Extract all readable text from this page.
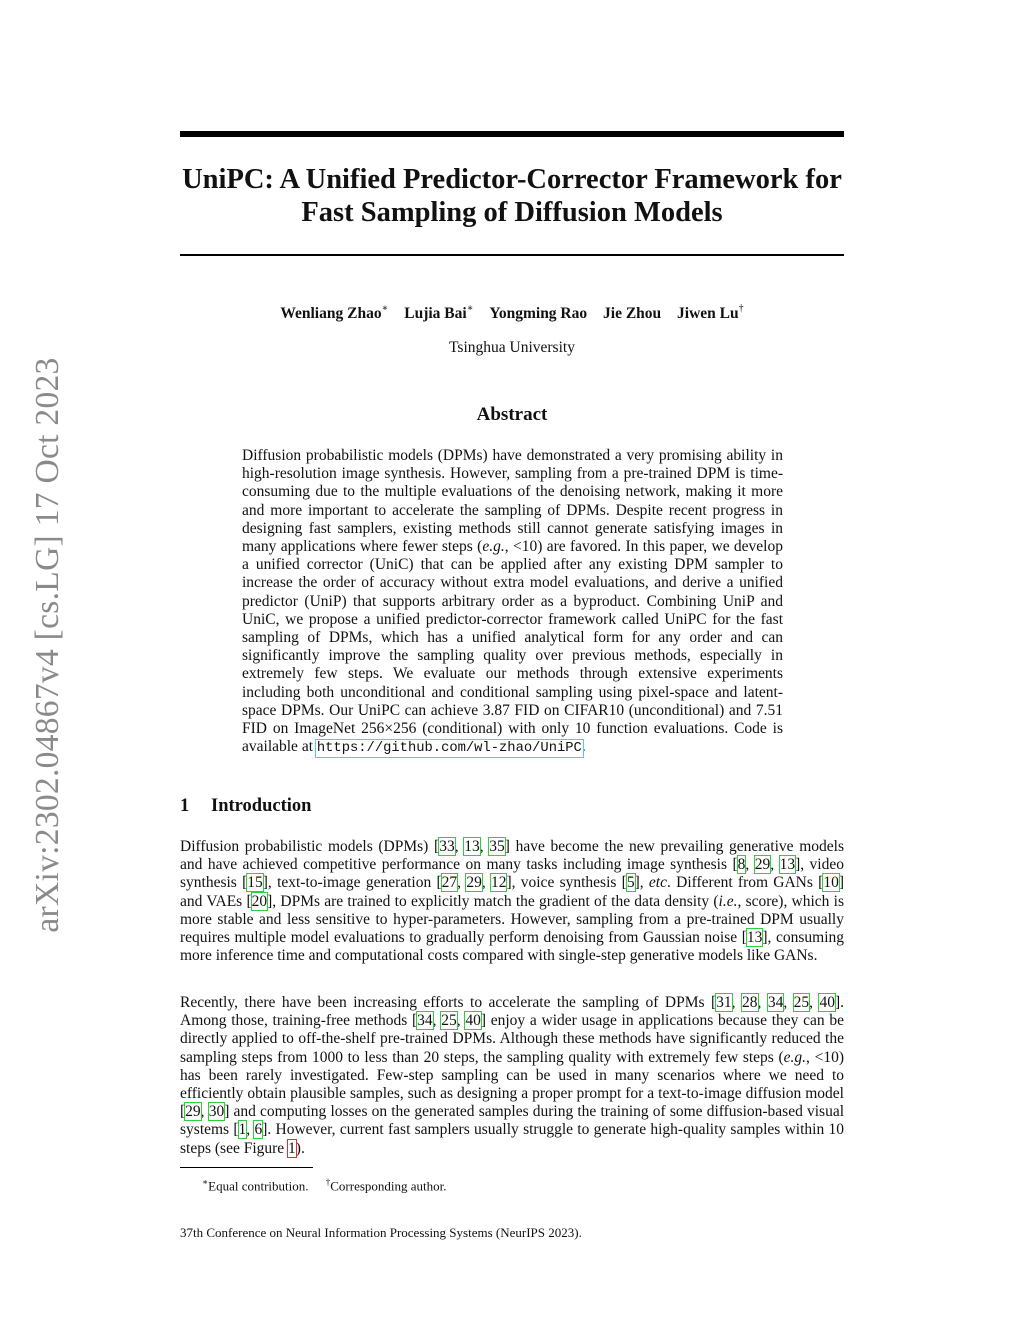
arXiv:2302.04867v4 [cs.LG] 17 Oct 2023
UniPC: A Unified Predictor-Corrector Framework for Fast Sampling of Diffusion Models
Wenliang Zhao∗ Lujia Bai∗ Yongming Rao Jie Zhou Jiwen Lu†
Tsinghua University
Abstract

Diffusion probabilistic models (DPMs) have demonstrated a very promising ability in high-resolution image synthesis. However, sampling from a pre-trained DPM is time-consuming due to the multiple evaluations of the denoising network, making it more and more important to accelerate the sampling of DPMs. Despite recent progress in designing fast samplers, existing methods still cannot generate satisfying images in many applications where fewer steps (e.g., <10) are favored. In this paper, we develop a unified corrector (UniC) that can be applied after any existing DPM sampler to increase the order of accuracy without extra model evaluations, and derive a unified predictor (UniP) that supports arbitrary order as a byproduct. Combining UniP and UniC, we propose a unified predictor-corrector framework called UniPC for the fast sampling of DPMs, which has a unified analytical form for any order and can significantly improve the sampling quality over previous methods, especially in extremely few steps. We evaluate our methods through extensive experiments including both unconditional and conditional sampling using pixel-space and latent-space DPMs. Our UniPC can achieve 3.87 FID on CIFAR10 (unconditional) and 7.51 FID on ImageNet 256×256 (conditional) with only 10 function evaluations. Code is available at https://github.com/wl-zhao/UniPC.

1 Introduction

Diffusion probabilistic models (DPMs) [33, 13, 35] have become the new prevailing generative models and have achieved competitive performance on many tasks including image synthesis [8, 29, 13], video synthesis [15], text-to-image generation [27, 29, 12], voice synthesis [5], etc. Different from GANs [10] and VAEs [20], DPMs are trained to explicitly match the gradient of the data density (i.e., score), which is more stable and less sensitive to hyper-parameters. However, sampling from a pre-trained DPM usually requires multiple model evaluations to gradually perform denoising from Gaussian noise [13], consuming more inference time and computational costs compared with single-step generative models like GANs.

Recently, there have been increasing efforts to accelerate the sampling of DPMs [31, 28, 34, 25, 40]. Among those, training-free methods [34, 25, 40] enjoy a wider usage in applications because they can be directly applied to off-the-shelf pre-trained DPMs. Although these methods have significantly reduced the sampling steps from 1000 to less than 20 steps, the sampling quality with extremely few steps (e.g., <10) has been rarely investigated. Few-step sampling can be used in many scenarios where we need to efficiently obtain plausible samples, such as designing a proper prompt for a text-to-image diffusion model [29, 30] and computing losses on the generated samples during the training of some diffusion-based visual systems [1, 6]. However, current fast samplers usually struggle to generate high-quality samples within 10 steps (see Figure 1).

∗Equal contribution. †Corresponding author.
37th Conference on Neural Information Processing Systems (NeurIPS 2023).
